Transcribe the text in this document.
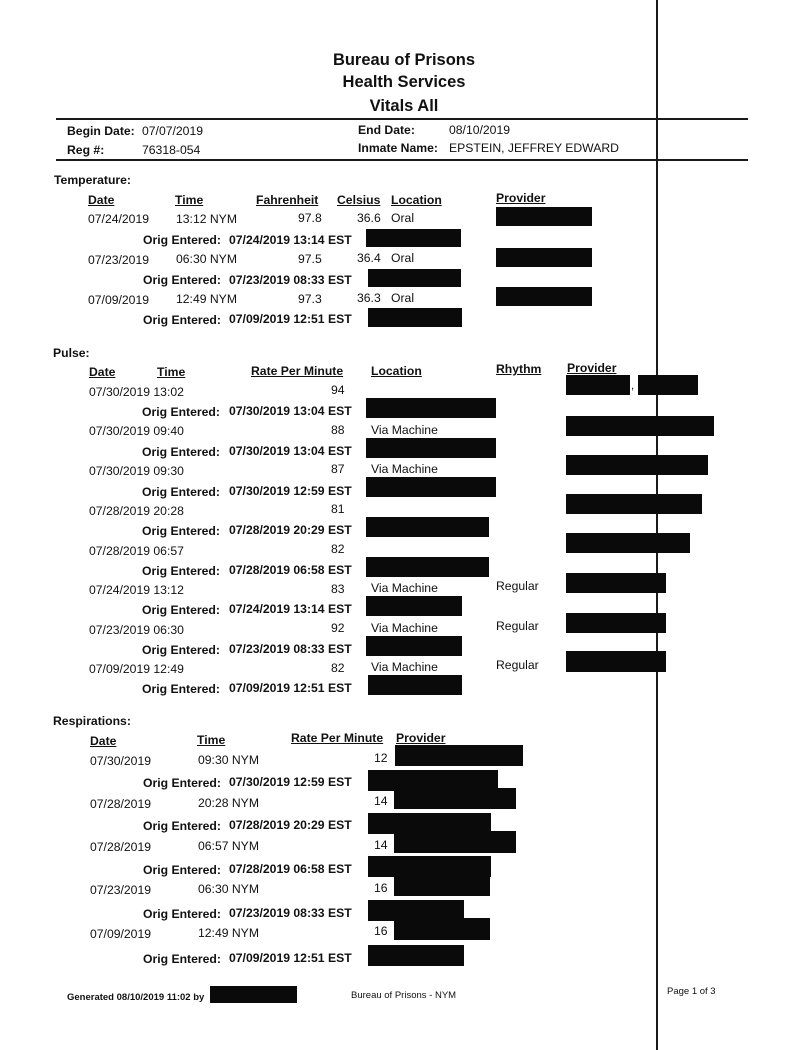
Bureau of Prisons
Health Services
Vitals All
Begin Date: 07/07/2019	End Date:	08/10/2019
Reg #:	76318-054	Inmate Name: EPSTEIN, JEFFREY EDWARD
Temperature:
Date	Time	Fahrenheit Celsius Location	Provider
07/24/2019 13:12 NYM	97.8	36.6 Oral
Orig Entered: 07/24/2019 13:14 EST
07/23/2019 06:30 NYM	97.5	36.4 Oral
Orig Entered: 07/23/2019 08:33 EST
07/09/2019 12:49 NYM	97.3	36.3 Oral
Orig Entered: 07/09/2019 12:51 EST
Pulse:
Date	Time	Rate Per Minute Location	Rhythm Provider
07/30/2019 13:02	94	,
Orig Entered: 07/30/2019 13:04 EST
07/30/2019 09:40	88 Via Machine
Orig Entered: 07/30/2019 13:04 EST
07/30/2019 09:30	87 Via Machine
Orig Entered: 07/30/2019 12:59 EST
07/28/2019 20:28	81
Orig Entered: 07/28/2019 20:29 EST
07/28/2019 06:57	82
Orig Entered: 07/28/2019 06:58 EST
07/24/2019 13:12	83 Via Machine	Regular
Orig Entered: 07/24/2019 13:14 EST
07/23/2019 06:30	92 Via Machine	Regular
Orig Entered: 07/23/2019 08:33 EST
07/09/2019 12:49	82 Via Machine	Regular
Orig Entered: 07/09/2019 12:51 EST
Respirations:
Date	Time	Rate Per Minute Provider
07/30/2019	09:30 NYM	12
Orig Entered: 07/30/2019 12:59 EST
07/28/2019	20:28 NYM	14
Orig Entered: 07/28/2019 20:29 EST
07/28/2019	06:57 NYM	14
Orig Entered: 07/28/2019 06:58 EST
07/23/2019	06:30 NYM	16
Orig Entered: 07/23/2019 08:33 EST
07/09/2019	12:49 NYM	16
Orig Entered: 07/09/2019 12:51 EST
Generated 08/10/2019 11:02 by	Bureau of Prisons - NYM	Page 1 of 3
